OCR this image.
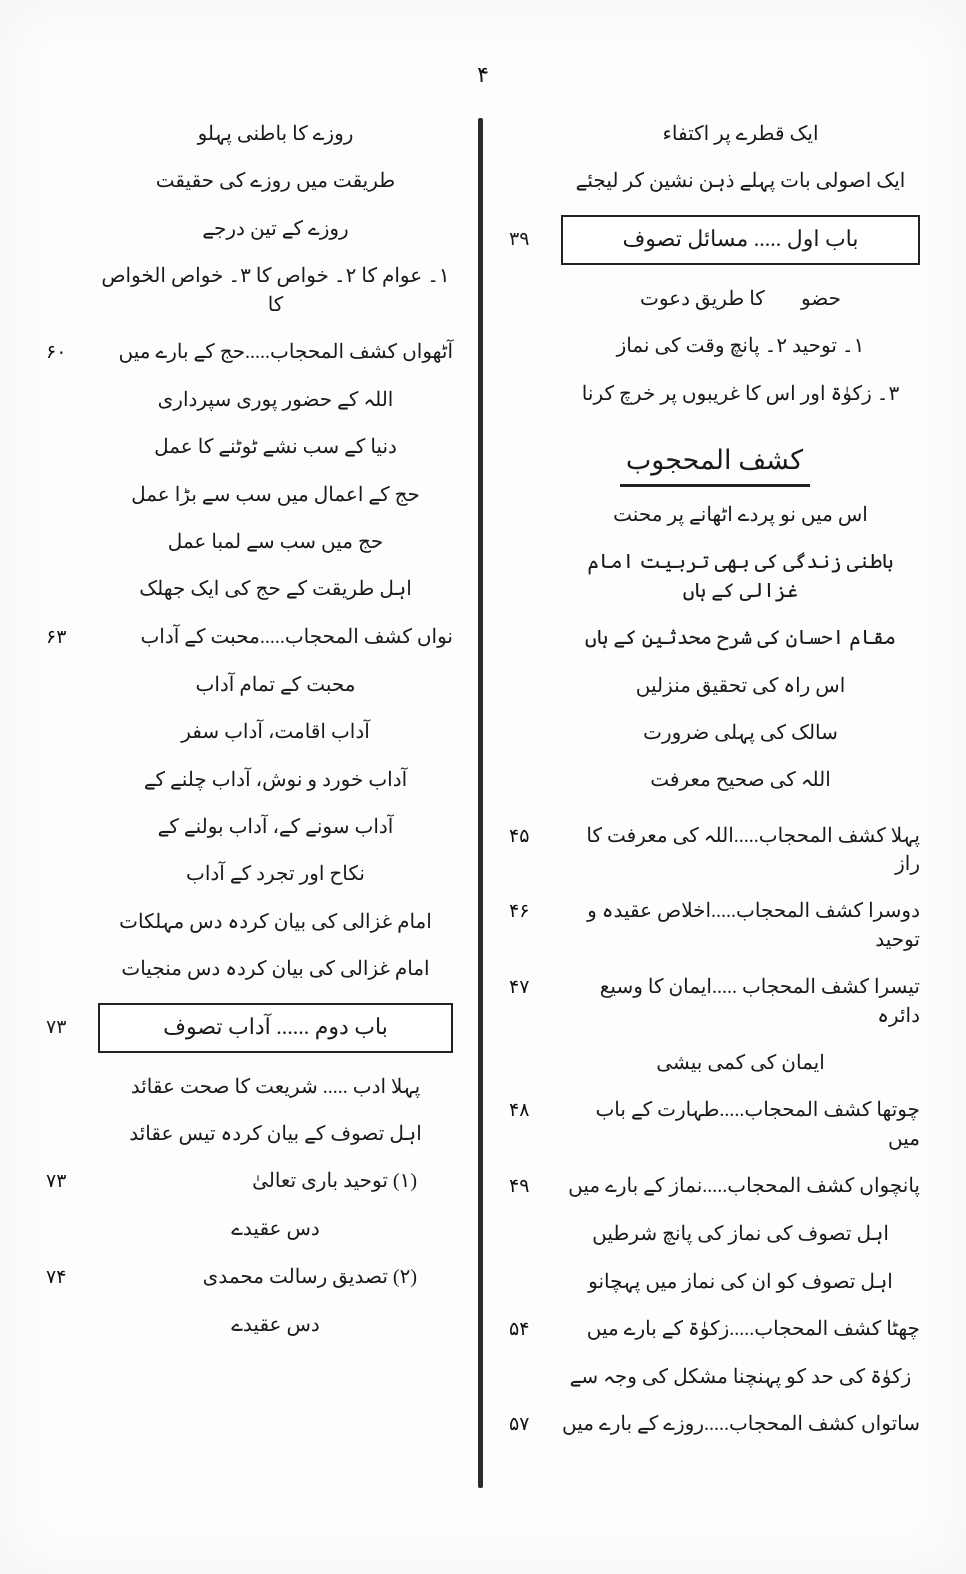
۴
ایک قطرے پر اکتفاء
ایک اصولی بات پہلے ذہن نشین کر لیجئے
باب اول ..... مسائل تصوف
۳۹
حضورؐ کا طریق دعوت
۱۔ توحید ۲۔ پانچ وقت کی نماز
۳۔ زکوٰۃ اور اس کا غریبوں پر خرچ کرنا
کشف المحجوب
اس میں نو پردے اٹھانے پر محنت
باطنی زندگی کی بھی تربیت امام غزالی کے ہاں
مقام احسان کی شرح محدثین کے ہاں
اس راہ کی تحقیق منزلیں
سالک کی پہلی ضرورت
اللہ کی صحیح معرفت
پہلا کشف المحجاب.....اللہ کی معرفت کا راز
۴۵
دوسرا کشف المحجاب.....اخلاص عقیدہ و توحید
۴۶
تیسرا کشف المحجاب .....ایمان کا وسیع دائرہ
۴۷
ایمان کی کمی بیشی
چوتھا کشف المحجاب.....طہارت کے باب میں
۴۸
پانچواں کشف المحجاب.....نماز کے بارے میں
۴۹
اہل تصوف کی نماز کی پانچ شرطیں
اہل تصوف کو ان کی نماز میں پہچانو
چھٹا کشف المحجاب.....زکوٰۃ کے بارے میں
۵۴
زکوٰۃ کی حد کو پہنچنا مشکل کی وجہ سے
ساتواں کشف المحجاب.....روزے کے بارے میں
۵۷
روزے کا باطنی پہلو
طریقت میں روزے کی حقیقت
روزے کے تین درجے
۱۔ عوام کا ۲۔ خواص کا ۳۔ خواص الخواص کا
آٹھواں کشف المحجاب.....حج کے بارے میں
۶۰
اللہ کے حضور پوری سپرداری
دنیا کے سب نشے ٹوٹنے کا عمل
حج کے اعمال میں سب سے بڑا عمل
حج میں سب سے لمبا عمل
اہل طریقت کے حج کی ایک جھلک
نواں کشف المحجاب.....محبت کے آداب
۶۳
محبت کے تمام آداب
آداب اقامت، آداب سفر
آداب خورد و نوش، آداب چلنے کے
آداب سونے کے، آداب بولنے کے
نکاح اور تجرد کے آداب
امام غزالی کی بیان کردہ دس مہلکات
امام غزالی کی بیان کردہ دس منجیات
باب دوم ...... آداب تصوف
۷۳
پہلا ادب ..... شریعت کا صحت عقائد
اہل تصوف کے بیان کردہ تیس عقائد
(۱) توحید باری تعالیٰ
۷۳
دس عقیدے
(۲) تصدیق رسالت محمدی
۷۴
دس عقیدے
